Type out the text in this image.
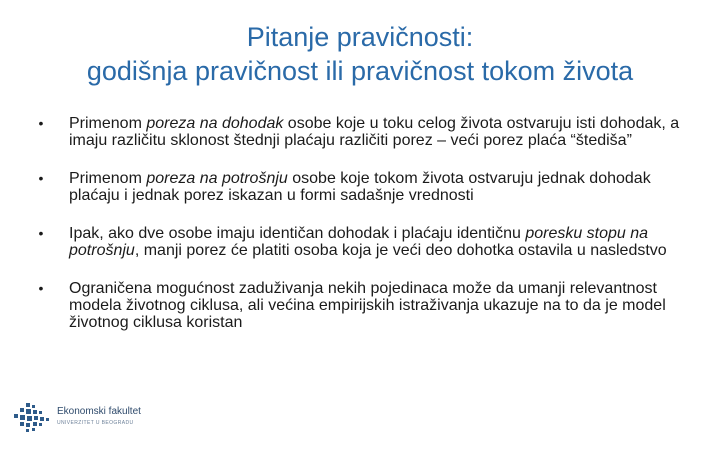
Pitanje pravičnosti:
godišnja pravičnost ili pravičnost tokom života
• Primenom poreza na dohodak osobe koje u toku celog života ostvaruju isti dohodak, a imaju različitu sklonost štednji plaćaju različiti porez – veći porez plaća “štediša”
• Primenom poreza na potrošnju osobe koje tokom života ostvaruju jednak dohodak plaćaju i jednak porez iskazan u formi sadašnje vrednosti
• Ipak, ako dve osobe imaju identičan dohodak i plaćaju identičnu poresku stopu na potrošnju, manji porez će platiti osoba koja je veći deo dohotka ostavila u nasledstvo
• Ograničena mogućnost zaduživanja nekih pojedinaca može da umanji relevantnost modela životnog ciklusa, ali većina empirijskih istraživanja ukazuje na to da je model životnog ciklusa koristan
Ekonomski fakultet
UNIVERZITET U BEOGRADU
